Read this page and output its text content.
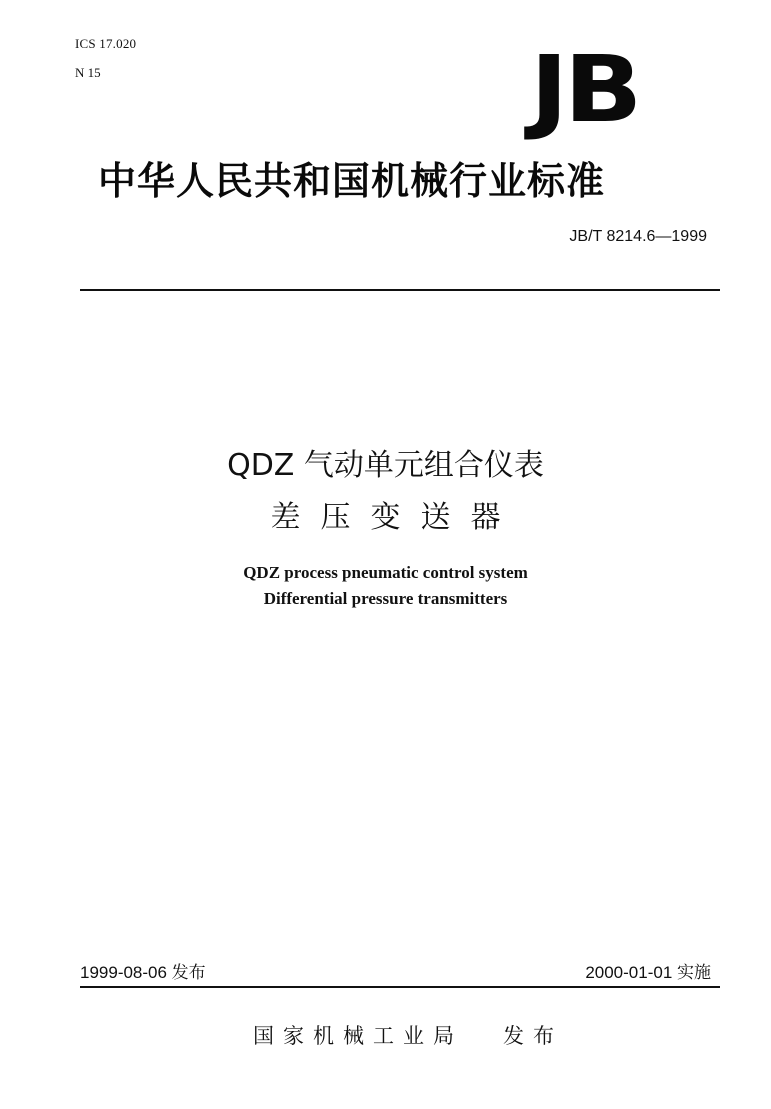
ICS 17.020
N 15	JB
中华人民共和国机械行业标准
JB/T 8214.6—1999
QDZ 气动单元组合仪表
差压变送器
QDZ process pneumatic control system
Differential pressure transmitters
1999-08-06 发布	2000-01-01 实施
国家机械工业局 发布
